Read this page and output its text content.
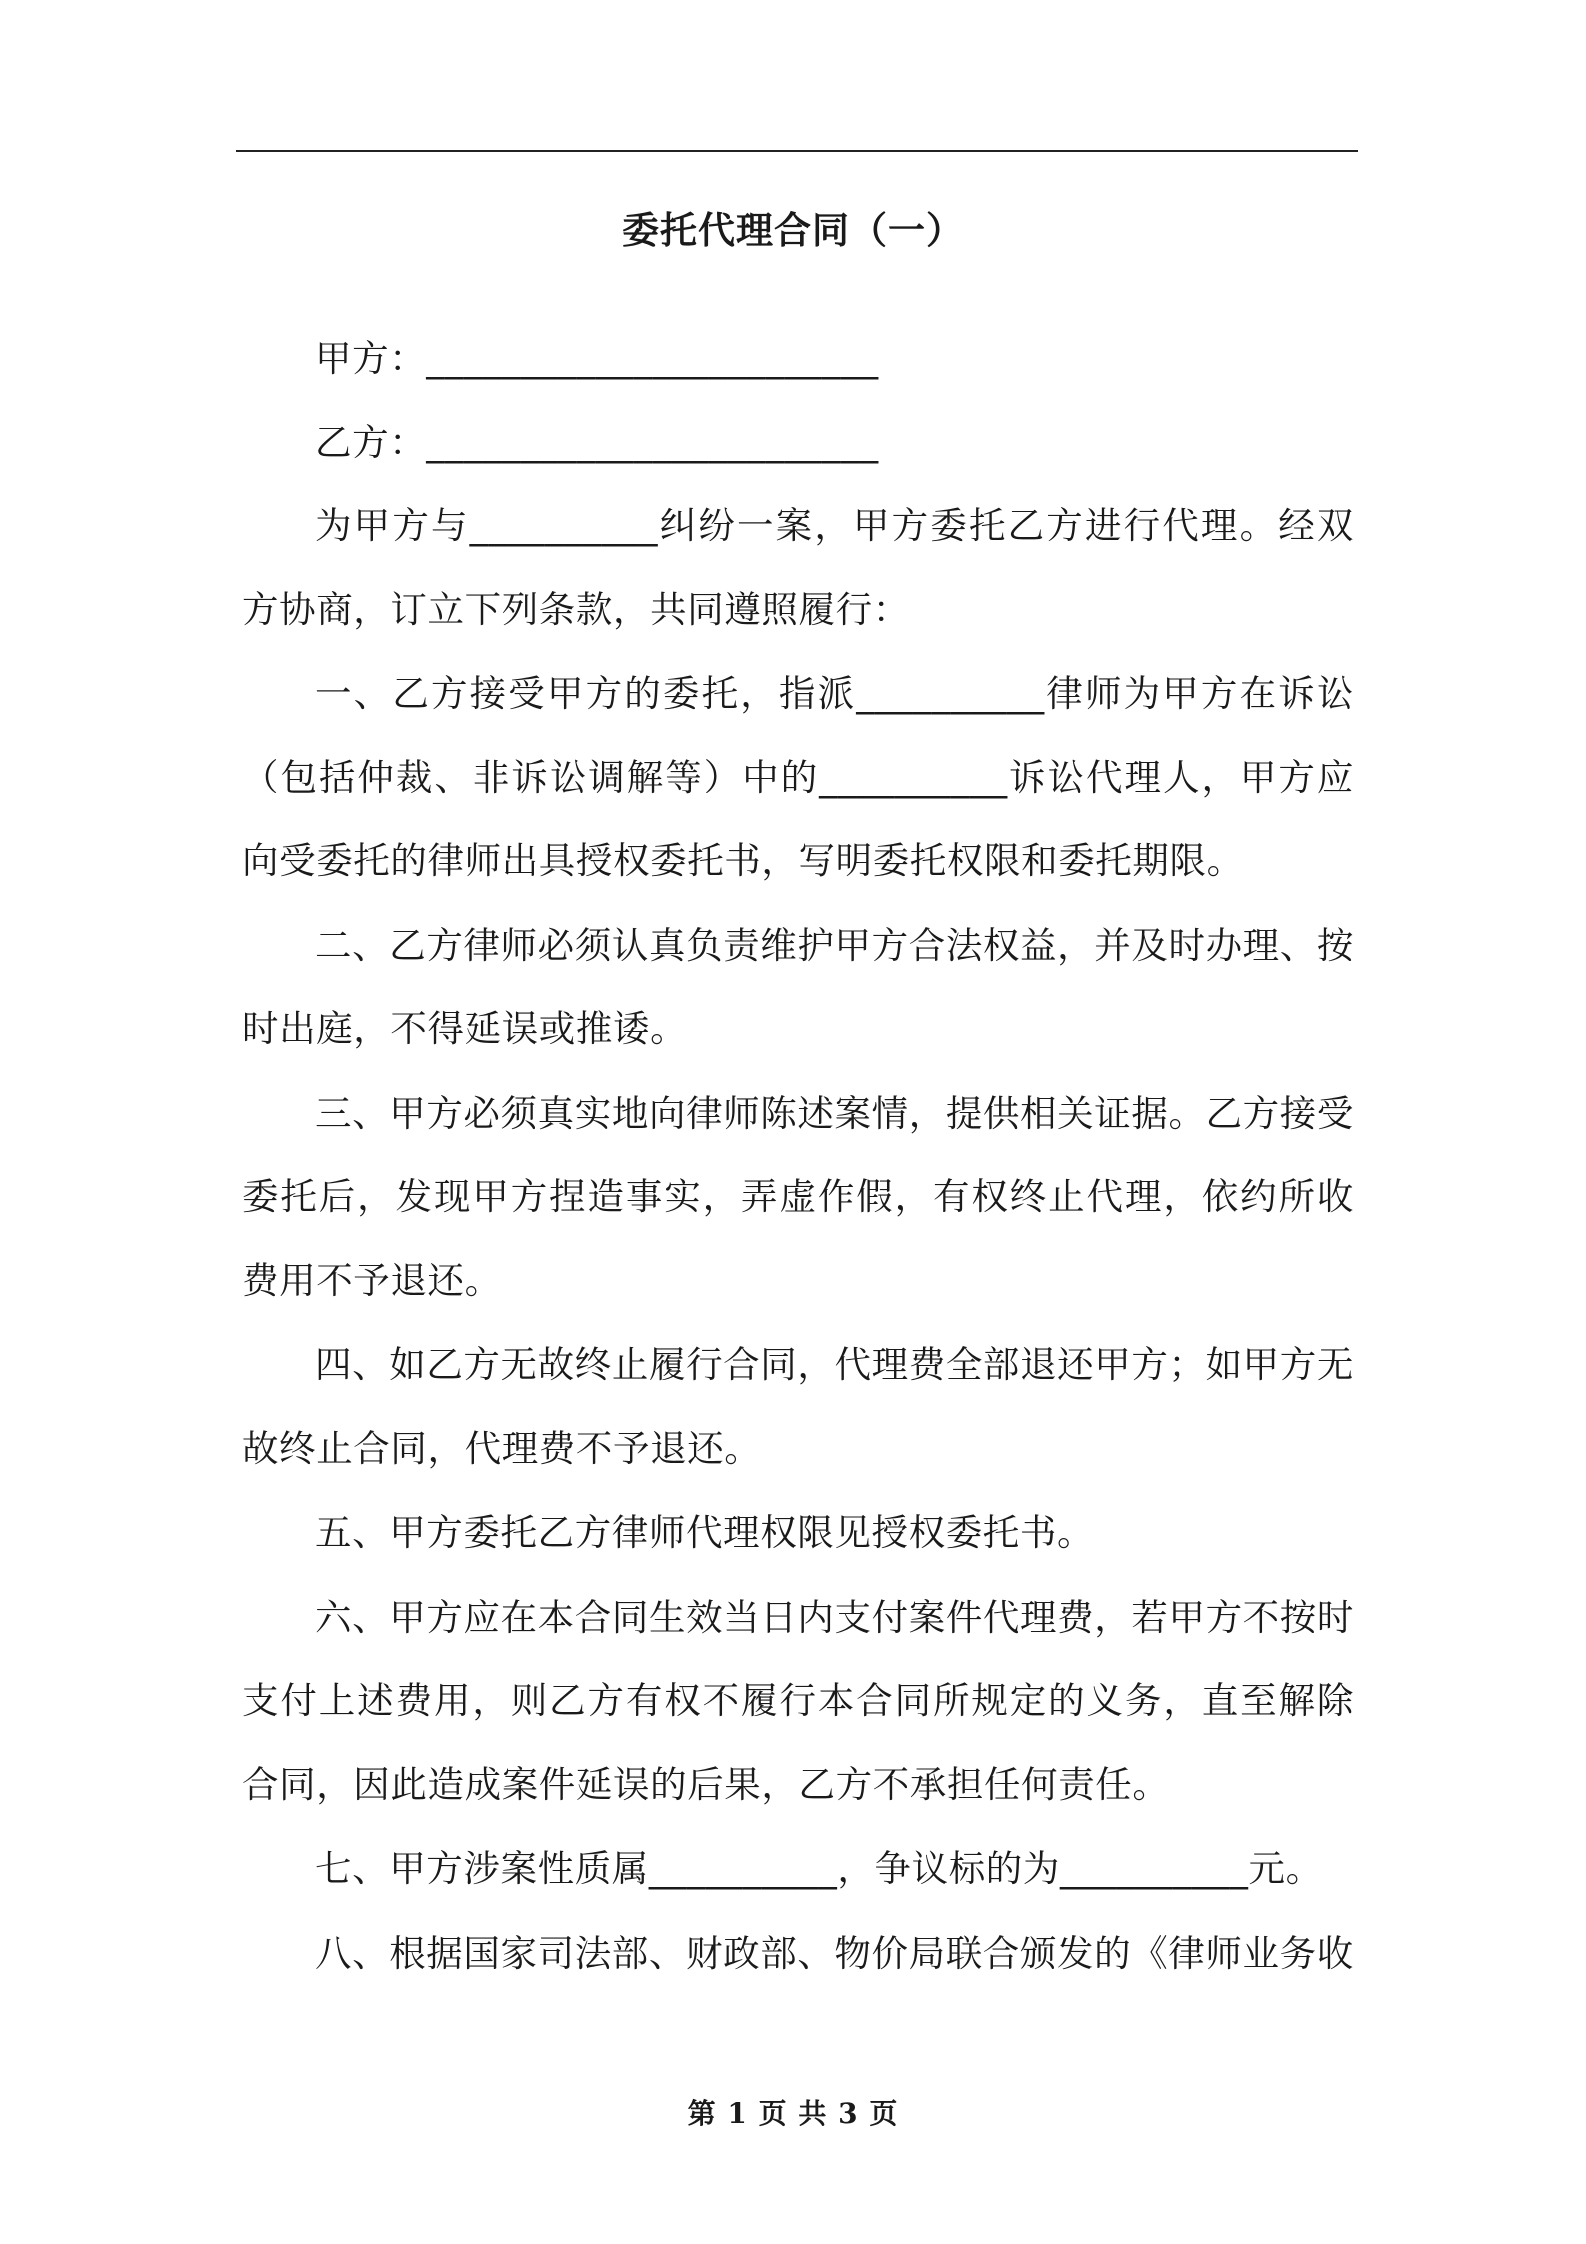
委托代理合同（一）

甲方：________________________

乙方：________________________

为甲方与__________纠纷一案，甲方委托乙方进行代理。经双方协商，订立下列条款，共同遵照履行：

一、乙方接受甲方的委托，指派__________律师为甲方在诉讼（包括仲裁、非诉讼调解等）中的__________诉讼代理人，甲方应向受委托的律师出具授权委托书，写明委托权限和委托期限。

二、乙方律师必须认真负责维护甲方合法权益，并及时办理、按时出庭，不得延误或推诿。

三、甲方必须真实地向律师陈述案情，提供相关证据。乙方接受委托后，发现甲方捏造事实，弄虚作假，有权终止代理，依约所收费用不予退还。

四、如乙方无故终止履行合同，代理费全部退还甲方；如甲方无故终止合同，代理费不予退还。

五、甲方委托乙方律师代理权限见授权委托书。

六、甲方应在本合同生效当日内支付案件代理费，若甲方不按时支付上述费用，则乙方有权不履行本合同所规定的义务，直至解除合同，因此造成案件延误的后果，乙方不承担任何责任。

七、甲方涉案性质属__________，争议标的为__________元。

八、根据国家司法部、财政部、物价局联合颁发的《律师业务收

第 1 页 共 3 页
